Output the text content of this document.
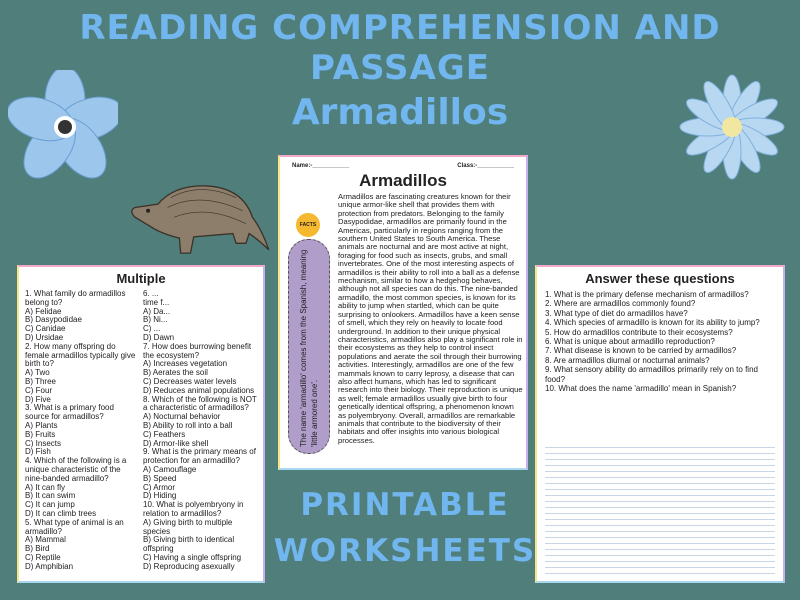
READING COMPREHENSION AND PASSAGE
Armadillos
Multiple
1. What family do armadillos belong to?
A) Felidae
B) Dasypodidae
C) Canidae
D) Ursidae
2. How many offspring do female armadillos typically give birth to?
A) Two
B) Three
C) Four
D) Five
3. What is a primary food source for armadillos?
A) Plants
B) Fruits
C) Insects
D) Fish
4. Which of the following is a unique characteristic of the nine-banded armadillo?
A) It can fly
B) It can swim
C) It can jump
D) It can climb trees
5. What type of animal is an armadillo?
A) Mammal
B) Bird
C) Reptile
D) Amphibian
6. ...
time f...
A) Da...
B) Ni...
C) ...
D) Dawn
7. How does burrowing benefit the ecosystem?
A) Increases vegetation
B) Aerates the soil
C) Decreases water levels
D) Reduces animal populations
8. Which of the following is NOT a characteristic of armadillos?
A) Nocturnal behavior
B) Ability to roll into a ball
C) Feathers
D) Armor-like shell
9. What is the primary means of protection for an armadillo?
A) Camouflage
B) Speed
C) Armor
D) Hiding
10. What is polyembryony in relation to armadillos?
A) Giving birth to multiple species
B) Giving birth to identical offspring
C) Having a single offspring
D) Reproducing asexually
Answer these questions
1. What is the primary defense mechanism of armadillos?
2. Where are armadillos commonly found?
3. What type of diet do armadillos have?
4. Which species of armadillo is known for its ability to jump?
5. How do armadillos contribute to their ecosystems?
6. What is unique about armadillo reproduction?
7. What disease is known to be carried by armadillos?
8. Are armadillos diurnal or nocturnal animals?
9. What sensory ability do armadillos primarily rely on to find food?
10. What does the name 'armadillo' mean in Spanish?
Name:-___________	Class:-___________
Armadillos
FACTS
The name 'armadillo' comes from the Spanish, meaning 'little armored one'.
Armadillos are fascinating creatures known for their unique armor-like shell that provides them with protection from predators. Belonging to the family Dasypodidae, armadillos are primarily found in the Americas, particularly in regions ranging from the southern United States to South America. These animals are nocturnal and are most active at night, foraging for food such as insects, grubs, and small invertebrates. One of the most interesting aspects of armadillos is their ability to roll into a ball as a defense mechanism, similar to how a hedgehog behaves, although not all species can do this. The nine-banded armadillo, the most common species, is known for its ability to jump when startled, which can be quite surprising to onlookers. Armadillos have a keen sense of smell, which they rely on heavily to locate food underground. In addition to their unique physical characteristics, armadillos also play a significant role in their ecosystems as they help to control insect populations and aerate the soil through their burrowing activities. Interestingly, armadillos are one of the few mammals known to carry leprosy, a disease that can also affect humans, which has led to significant research into their biology. Their reproduction is unique as well; female armadillos usually give birth to four genetically identical offspring, a phenomenon known as polyembryony. Overall, armadillos are remarkable animals that contribute to the biodiversity of their habitats and offer insights into various biological processes.
PRINTABLE
WORKSHEETS
